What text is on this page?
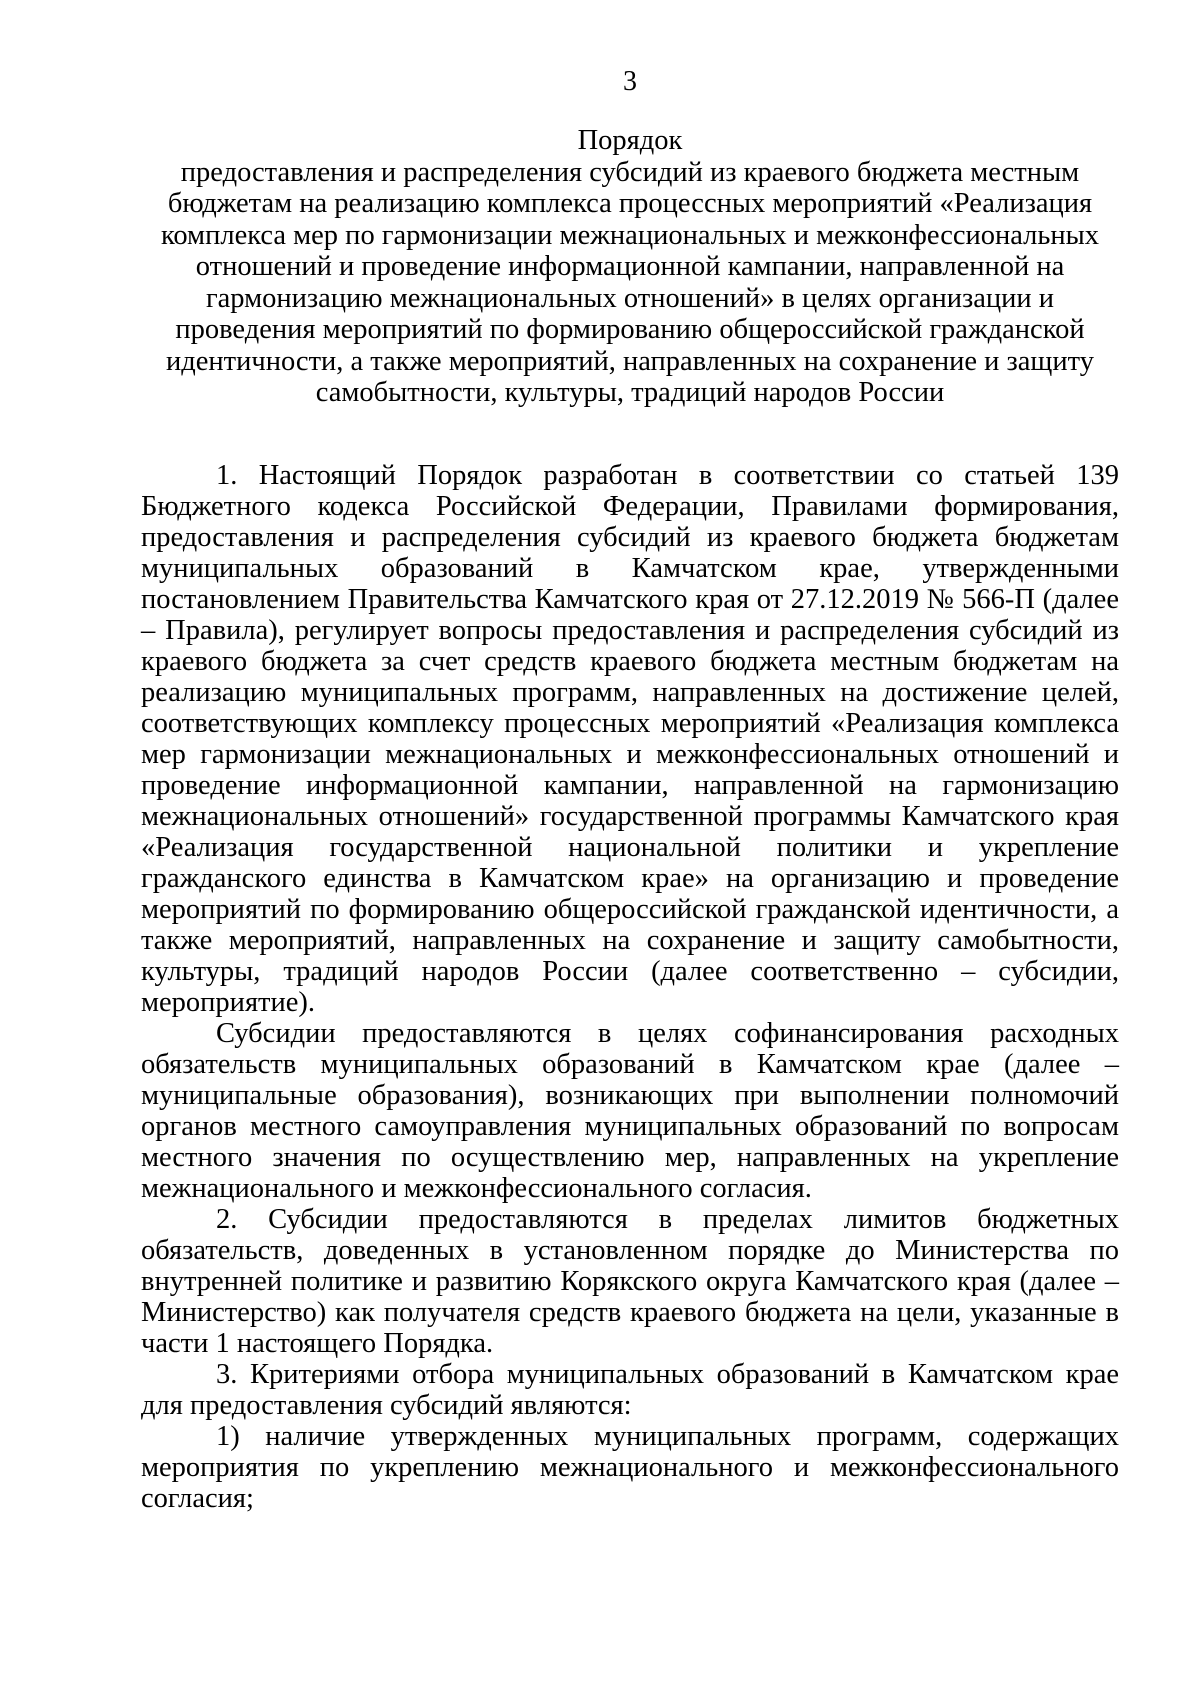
3
Порядок
предоставления и распределения субсидий из краевого бюджета местным
бюджетам на реализацию комплекса процессных мероприятий «Реализация
комплекса мер по гармонизации межнациональных и межконфессиональных
отношений и проведение информационной кампании, направленной на
гармонизацию межнациональных отношений» в целях организации и
проведения мероприятий по формированию общероссийской гражданской
идентичности, а также мероприятий, направленных на сохранение и защиту
самобытности, культуры, традиций народов России

1. Настоящий Порядок разработан в соответствии со статьей 139 Бюджетного кодекса Российской Федерации, Правилами формирования, предоставления и распределения субсидий из краевого бюджета бюджетам муниципальных образований в Камчатском крае, утвержденными постановлением Правительства Камчатского края от 27.12.2019 № 566-П (далее – Правила), регулирует вопросы предоставления и распределения субсидий из краевого бюджета за счет средств краевого бюджета местным бюджетам на реализацию муниципальных программ, направленных на достижение целей, соответствующих комплексу процессных мероприятий «Реализация комплекса мер гармонизации межнациональных и межконфессиональных отношений и проведение информационной кампании, направленной на гармонизацию межнациональных отношений» государственной программы Камчатского края «Реализация государственной национальной политики и укрепление гражданского единства в Камчатском крае» на организацию и проведение мероприятий по формированию общероссийской гражданской идентичности, а также мероприятий, направленных на сохранение и защиту самобытности, культуры, традиций народов России (далее соответственно – субсидии, мероприятие).

Субсидии предоставляются в целях софинансирования расходных обязательств муниципальных образований в Камчатском крае (далее – муниципальные образования), возникающих при выполнении полномочий органов местного самоуправления муниципальных образований по вопросам местного значения по осуществлению мер, направленных на укрепление межнационального и межконфессионального согласия.

2. Субсидии предоставляются в пределах лимитов бюджетных обязательств, доведенных в установленном порядке до Министерства по внутренней политике и развитию Корякского округа Камчатского края (далее – Министерство) как получателя средств краевого бюджета на цели, указанные в части 1 настоящего Порядка.

3. Критериями отбора муниципальных образований в Камчатском крае для предоставления субсидий являются:

1) наличие утвержденных муниципальных программ, содержащих мероприятия по укреплению межнационального и межконфессионального согласия;
